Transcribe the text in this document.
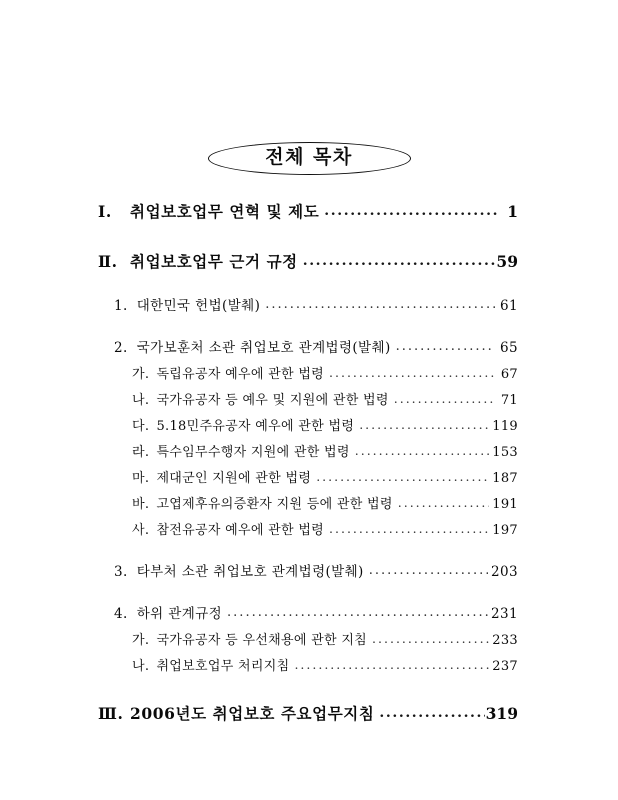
전체 목차
Ⅰ. 취업보호업무 연혁 및 제도 .....	1
Ⅱ. 취업보호업무 근거 규정 .....	59
1. 대한민국 헌법(발췌) .....	61
2. 국가보훈처 소관 취업보호 관계법령(발췌) .....	65
가. 독립유공자 예우에 관한 법령 .....	67
나. 국가유공자 등 예우 및 지원에 관한 법령 .....	71
다. 5.18민주유공자 예우에 관한 법령 .....	119
라. 특수임무수행자 지원에 관한 법령 .....	153
마. 제대군인 지원에 관한 법령 .....	187
바. 고엽제후유의증환자 지원 등에 관한 법령 .....	191
사. 참전유공자 예우에 관한 법령 .....	197
3. 타부처 소관 취업보호 관계법령(발췌) .....	203
4. 하위 관계규정 .....	231
가. 국가유공자 등 우선채용에 관한 지침 .....	233
나. 취업보호업무 처리지침 .....	237
Ⅲ. 2006년도 취업보호 주요업무지침 .....	319
